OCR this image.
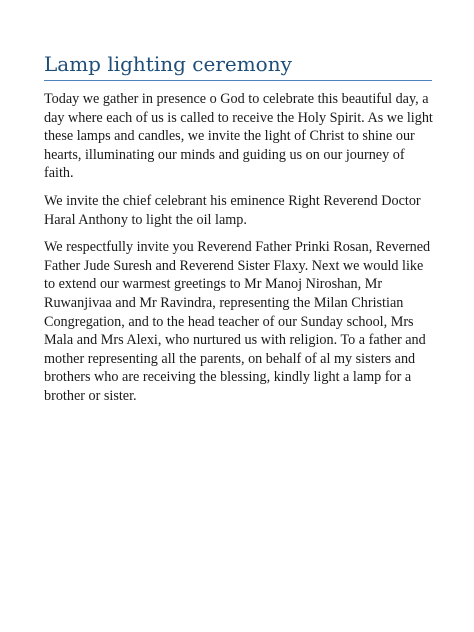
Lamp lighting ceremony

Today we gather in presence o God to celebrate this beautiful day, a day where each of us is called to receive the Holy Spirit. As we light these lamps and candles, we invite the light of Christ to shine our hearts, illuminating our minds and guiding us on our journey of faith.

We invite the chief celebrant his eminence Right Reverend Doctor Haral Anthony to light the oil lamp.

We respectfully invite you Reverend Father Prinki Rosan, Reverned Father Jude Suresh and Reverend Sister Flaxy. Next we would like to extend our warmest greetings to Mr Manoj Niroshan, Mr Ruwanjivaa and Mr Ravindra, representing the Milan Christian Congregation, and to the head teacher of our Sunday school, Mrs Mala and Mrs Alexi, who nurtured us with religion. To a father and mother representing all the parents, on behalf of al my sisters and brothers who are receiving the blessing, kindly light a lamp for a brother or sister.
